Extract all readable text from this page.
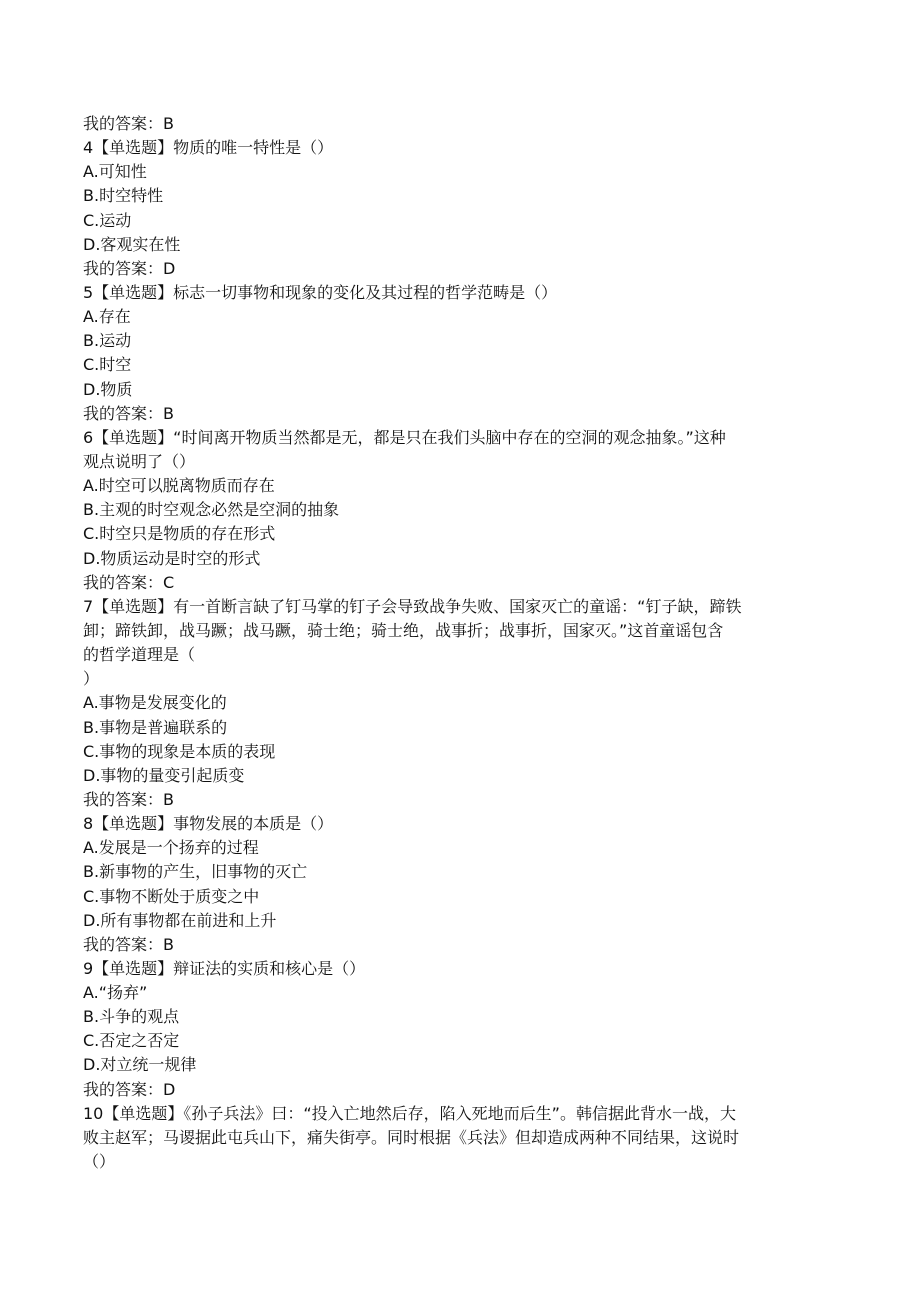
我的答案：B
4【单选题】物质的唯一特性是（）
A.可知性
B.时空特性
C.运动
D.客观实在性
我的答案：D
5【单选题】标志一切事物和现象的变化及其过程的哲学范畴是（）
A.存在
B.运动
C.时空
D.物质
我的答案：B
6【单选题】“时间离开物质当然都是无，都是只在我们头脑中存在的空洞的观念抽象。”这种
观点说明了（）
A.时空可以脱离物质而存在
B.主观的时空观念必然是空洞的抽象
C.时空只是物质的存在形式
D.物质运动是时空的形式
我的答案：C
7【单选题】有一首断言缺了钉马掌的钉子会导致战争失败、国家灭亡的童谣：“钉子缺，蹄铁
卸；蹄铁卸，战马蹶；战马蹶，骑士绝；骑士绝，战事折；战事折，国家灭。”这首童谣包含
的哲学道理是（
）
A.事物是发展变化的
B.事物是普遍联系的
C.事物的现象是本质的表现
D.事物的量变引起质变
我的答案：B
8【单选题】事物发展的本质是（）
A.发展是一个扬弃的过程
B.新事物的产生，旧事物的灭亡
C.事物不断处于质变之中
D.所有事物都在前进和上升
我的答案：B
9【单选题】辩证法的实质和核心是（）
A.“扬弃”
B.斗争的观点
C.否定之否定
D.对立统一规律
我的答案：D
10【单选题】《孙子兵法》曰：“投入亡地然后存，陷入死地而后生”。韩信据此背水一战，大
败主赵军；马谡据此屯兵山下，痛失街亭。同时根据《兵法》但却造成两种不同结果，这说时
（）
